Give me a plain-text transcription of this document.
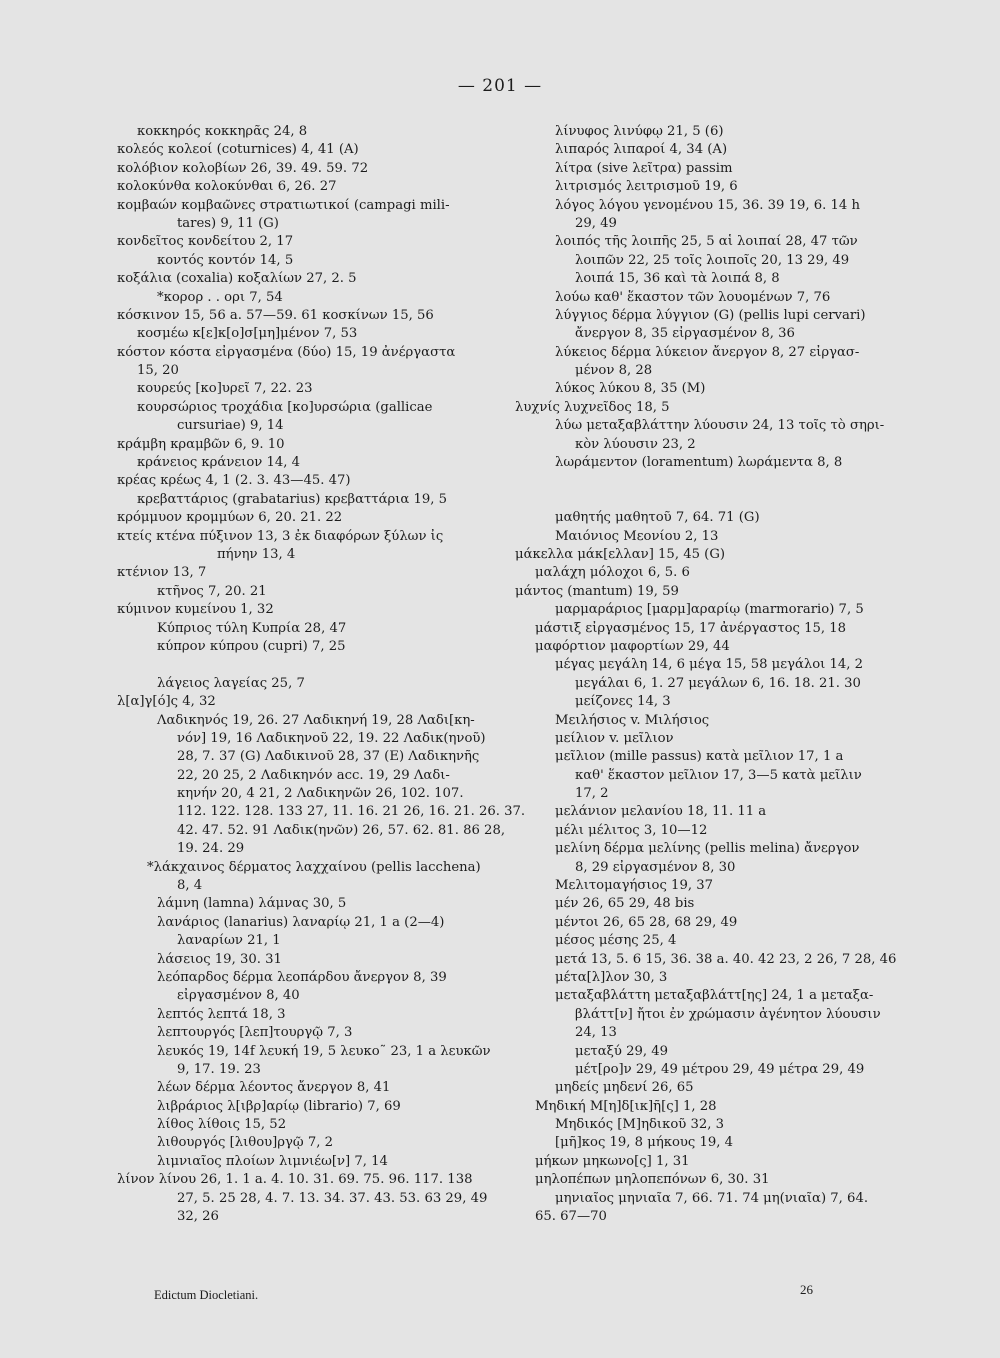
— 201 —
κοκκηρός κοκκηρᾶς 24, 8
κολεός κολεοί (coturnices) 4, 41 (A)
κολόβιον κολοβίων 26, 39. 49. 59. 72
κολοκύνθα κολοκύνθαι 6, 26. 27
κομβαών κομβαῶνες στρατιωτικοί (campagi mili-
tares) 9, 11 (G)
κονδεῖτος κονδείτου 2, 17
κοντός κοντόν 14, 5
κοξάλια (coxalia) κοξαλίων 27, 2. 5
*κορορ . . ορι 7, 54
κόσκινον 15, 56 a. 57—59. 61 κοσκίνων 15, 56
κοσμέω κ[ε]κ[ο]σ[μη]μένον 7, 53
κόστον κόστα εἰργασμένα (δύο) 15, 19 ἀνέργαστα
15, 20
κουρεύς [κο]υρεῖ 7, 22. 23
κουρσώριος τροχάδια [κο]υρσώρια (gallicae
cursuriae) 9, 14
κράμβη κραμβῶν 6, 9. 10
κράνειος κράνειον 14, 4
κρέας κρέως 4, 1 (2. 3. 43—45. 47)
κρεβαττάριος (grabatarius) κρεβαττάρια 19, 5
κρόμμυον κρομμύων 6, 20. 21. 22
κτείς κτένα πύξινον 13, 3 ἐκ διαφόρων ξύλων ἰς
πήνην 13, 4
κτένιον 13, 7
κτῆνος 7, 20. 21
κύμινον κυμείνου 1, 32
Κύπριος τύλη Κυπρία 28, 47
κύπρον κύπρου (cupri) 7, 25
λάγειος λαγείας 25, 7
λ[α]γ[ό]ς 4, 32
Λαδικηνός 19, 26. 27 Λαδικηνή 19, 28 Λαδι[κη-
νόν] 19, 16 Λαδικηνοῦ 22, 19. 22 Λαδικ(ηνοῦ)
28, 7. 37 (G) Λαδικινοῦ 28, 37 (E) Λαδικηνῆς
22, 20 25, 2 Λαδικηνόν acc. 19, 29 Λαδι-
κηνήν 20, 4 21, 2 Λαδικηνῶν 26, 102. 107.
112. 122. 128. 133 27, 11. 16. 21 26, 16. 21. 26. 37.
42. 47. 52. 91 Λαδικ(ηνῶν) 26, 57. 62. 81. 86 28,
19. 24. 29
*λάκχαινος δέρματος λαχχαίνου (pellis lacchena)
8, 4
λάμνη (lamna) λάμνας 30, 5
λανάριος (lanarius) λαναρίῳ 21, 1 a (2—4)
λαναρίων 21, 1
λάσειος 19, 30. 31
λεόπαρδος δέρμα λεοπάρδου ἄνεργον 8, 39
εἰργασμένον 8, 40
λεπτός λεπτά 18, 3
λεπτουργός [λεπ]τουργῷ 7, 3
λευκός 19, 14f λευκή 19, 5 λευκο˜ 23, 1 a λευκῶν
9, 17. 19. 23
λέων δέρμα λέοντος ἄνεργον 8, 41
λιβράριος λ[ιβρ]αρίῳ (librario) 7, 69
λίθος λίθοις 15, 52
λιθουργός [λιθου]ργῷ 7, 2
λιμνιαῖος πλοίων λιμνιέω[ν] 7, 14
λίνον λίνου 26, 1. 1 a. 4. 10. 31. 69. 75. 96. 117. 138
27, 5. 25 28, 4. 7. 13. 34. 37. 43. 53. 63 29, 49
32, 26
λίνυφος λινύφῳ 21, 5 (6)
λιπαρός λιπαροί 4, 34 (A)
λίτρα (sive λεῖτρα) passim
λιτρισμός λειτρισμοῦ 19, 6
λόγος λόγου γενομένου 15, 36. 39 19, 6. 14 h
29, 49
λοιπός τῆς λοιπῆς 25, 5 αἱ λοιπαί 28, 47 τῶν
λοιπῶν 22, 25 τοῖς λοιποῖς 20, 13 29, 49
λοιπά 15, 36 καὶ τὰ λοιπά 8, 8
λούω καθ' ἕκαστον τῶν λουομένων 7, 76
λύγγιος δέρμα λύγγιον (G) (pellis lupi cervari)
ἄνεργον 8, 35 εἰργασμένον 8, 36
λύκειος δέρμα λύκειον ἄνεργον 8, 27 εἰργασ-
μένον 8, 28
λύκος λύκου 8, 35 (M)
λυχνίς λυχνεῖδος 18, 5
λύω μεταξαβλάττην λύουσιν 24, 13 τοῖς τὸ σηρι-
κὸν λύουσιν 23, 2
λωράμεντον (loramentum) λωράμεντα 8, 8
μαθητής μαθητοῦ 7, 64. 71 (G)
Μαιόνιος Μεονίου 2, 13
μάκελλα μάκ[ελλαν] 15, 45 (G)
μαλάχη μόλοχοι 6, 5. 6
μάντος (mantum) 19, 59
μαρμαράριος [μαρμ]αραρίῳ (marmorario) 7, 5
μάστιξ εἰργασμένος 15, 17 ἀνέργαστος 15, 18
μαφόρτιον μαφορτίων 29, 44
μέγας μεγάλη 14, 6 μέγα 15, 58 μεγάλοι 14, 2
μεγάλαι 6, 1. 27 μεγάλων 6, 16. 18. 21. 30
μείζονες 14, 3
Μειλήσιος v. Μιλήσιος
μείλιον v. μεῖλιον
μεῖλιον (mille passus) κατὰ μεῖλιον 17, 1 a
καθ' ἕκαστον μεῖλιον 17, 3—5 κατὰ μεῖλιν
17, 2
μελάνιον μελανίου 18, 11. 11 a
μέλι μέλιτος 3, 10—12
μελίνη δέρμα μελίνης (pellis melina) ἄνεργον
8, 29 εἰργασμένον 8, 30
Μελιτομαγήσιος 19, 37
μέν 26, 65 29, 48 bis
μέντοι 26, 65 28, 68 29, 49
μέσος μέσης 25, 4
μετά 13, 5. 6 15, 36. 38 a. 40. 42 23, 2 26, 7 28, 46
μέτα[λ]λον 30, 3
μεταξαβλάττη μεταξαβλάττ[ης] 24, 1 a μεταξα-
βλάττ[ν] ἤτοι ἐν χρώμασιν ἀγένητον λύουσιν
24, 13
μεταξύ 29, 49
μέτ[ρο]ν 29, 49 μέτρου 29, 49 μέτρα 29, 49
μηδείς μηδενί 26, 65
Μηδική Μ[η]δ[ικ]ῆ[ς] 1, 28
Μηδικός [Μ]ηδικοῦ 32, 3
[μῆ]κος 19, 8 μήκους 19, 4
μήκων μηκωνο[ς] 1, 31
μηλοπέπων μηλοπεπόνων 6, 30. 31
μηνιαῖος μηνιαῖα 7, 66. 71. 74 μη(νιαῖα) 7, 64.
65. 67—70
Edictum Diocletiani.	26
